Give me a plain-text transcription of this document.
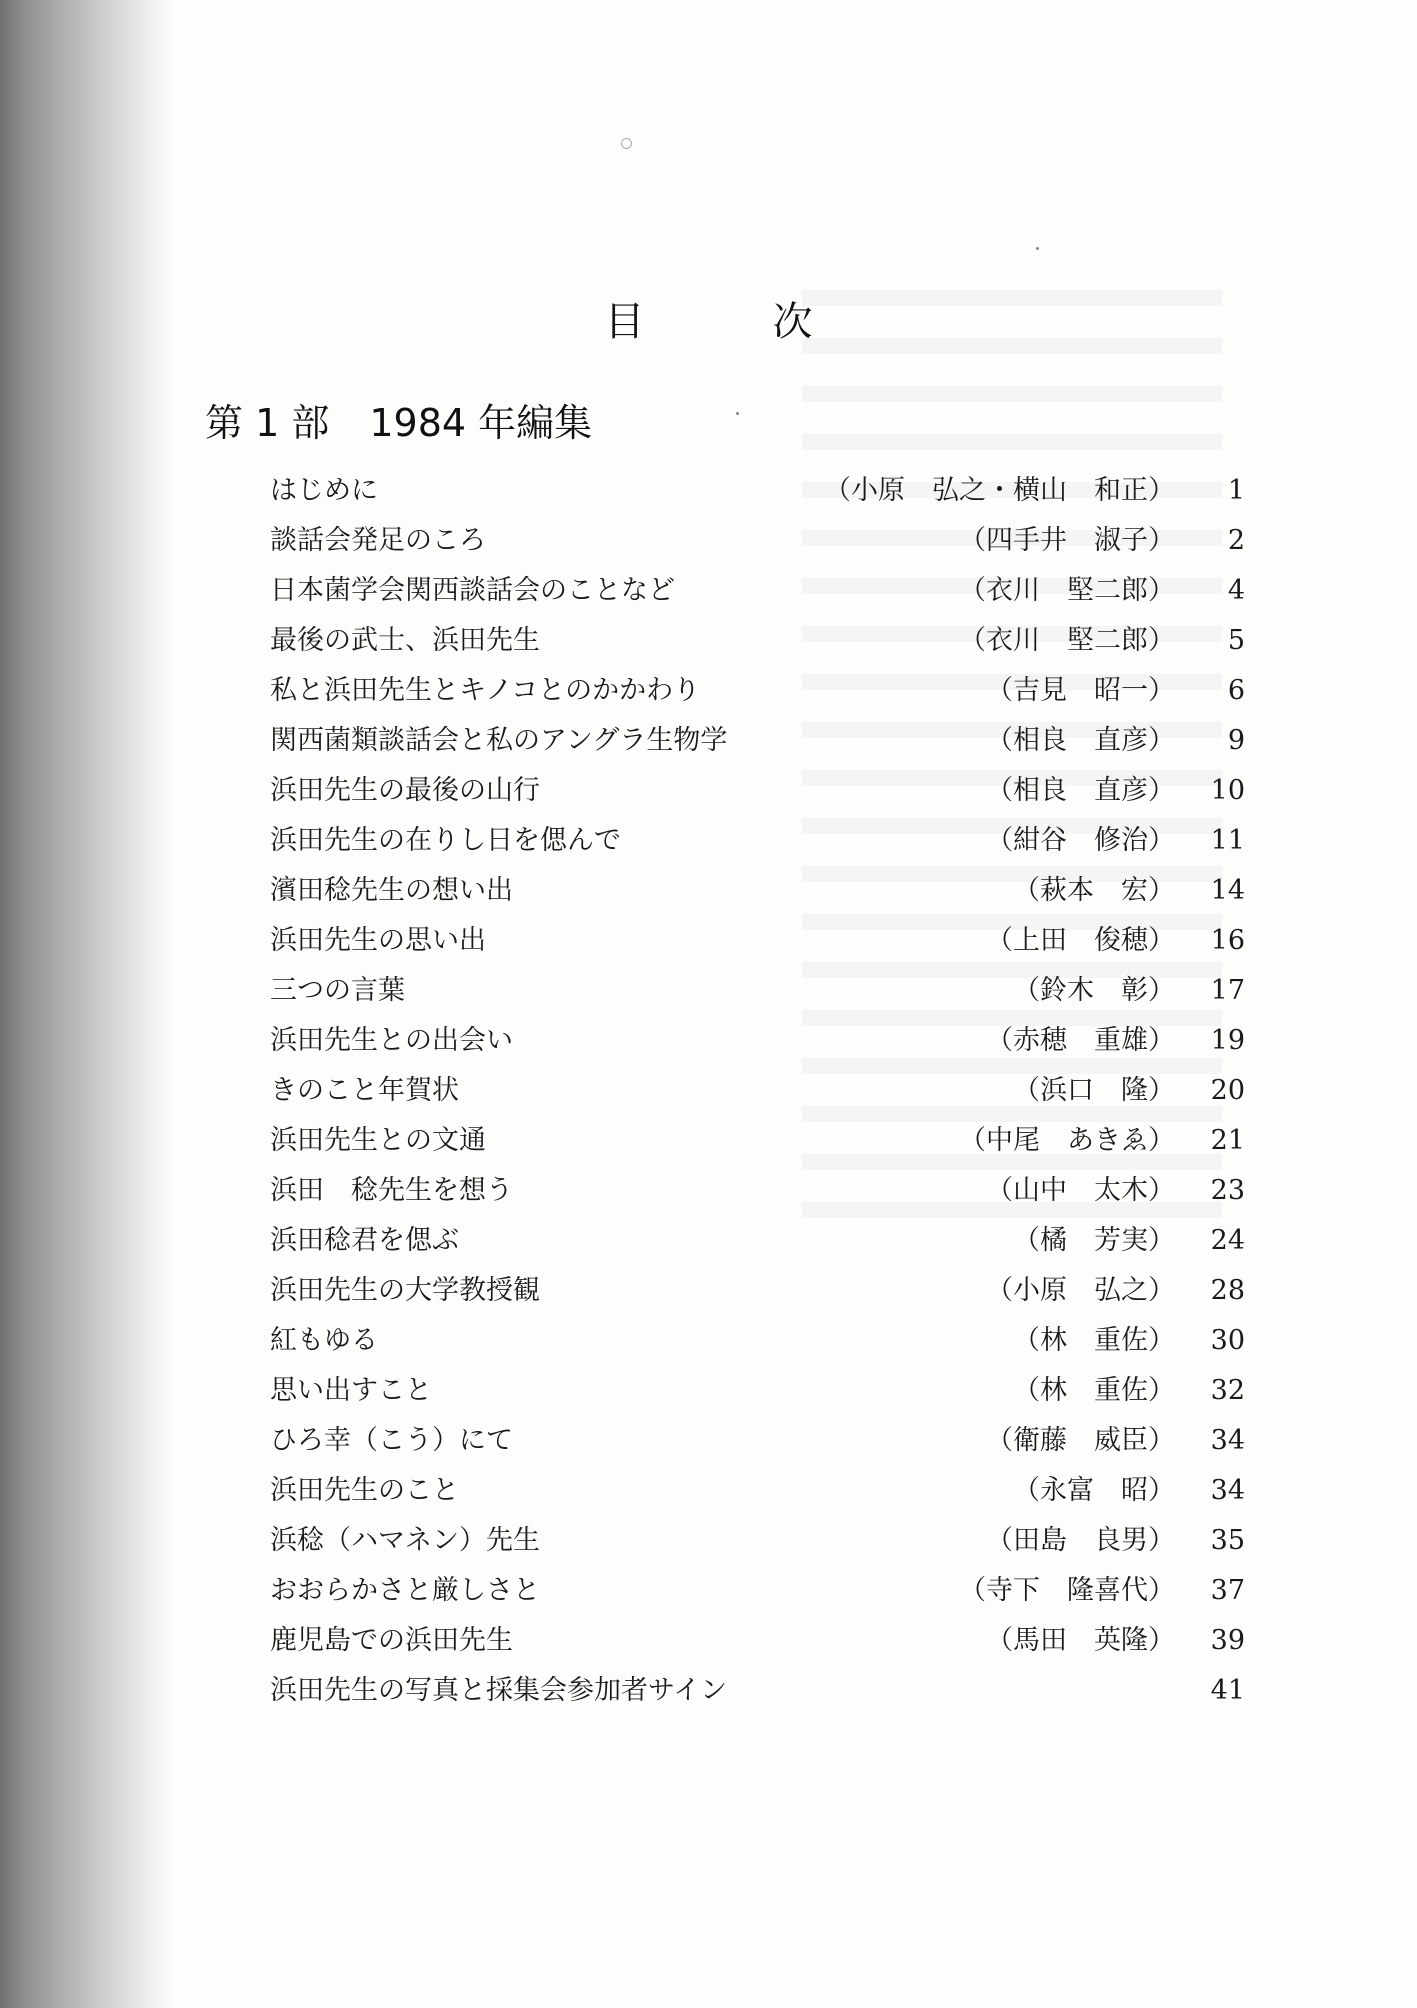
目　次
第 1 部 1984 年編集
はじめに	（小原　弘之・横山　和正）	1
談話会発足のころ	（四手井　淑子）	2
日本菌学会関西談話会のことなど	（衣川　堅二郎）	4
最後の武士、浜田先生	（衣川　堅二郎）	5
私と浜田先生とキノコとのかかわり	（吉見　昭一）	6
関西菌類談話会と私のアングラ生物学	（相良　直彦）	9
浜田先生の最後の山行	（相良　直彦）	10
浜田先生の在りし日を偲んで	（紺谷　修治）	11
濱田稔先生の想い出	（萩本　宏）	14
浜田先生の思い出	（上田　俊穂）	16
三つの言葉	（鈴木　彰）	17
浜田先生との出会い	（赤穂　重雄）	19
きのこと年賀状	（浜口　隆）	20
浜田先生との文通	（中尾　あきゑ）	21
浜田　稔先生を想う	（山中　太木）	23
浜田稔君を偲ぶ	（橘　芳実）	24
浜田先生の大学教授観	（小原　弘之）	28
紅もゆる	（林　重佐）	30
思い出すこと	（林　重佐）	32
ひろ幸（こう）にて	（衛藤　威臣）	34
浜田先生のこと	（永富　昭）	34
浜稔（ハマネン）先生	（田島　良男）	35
おおらかさと厳しさと	（寺下　隆喜代）	37
鹿児島での浜田先生	（馬田　英隆）	39
浜田先生の写真と採集会参加者サイン	41
